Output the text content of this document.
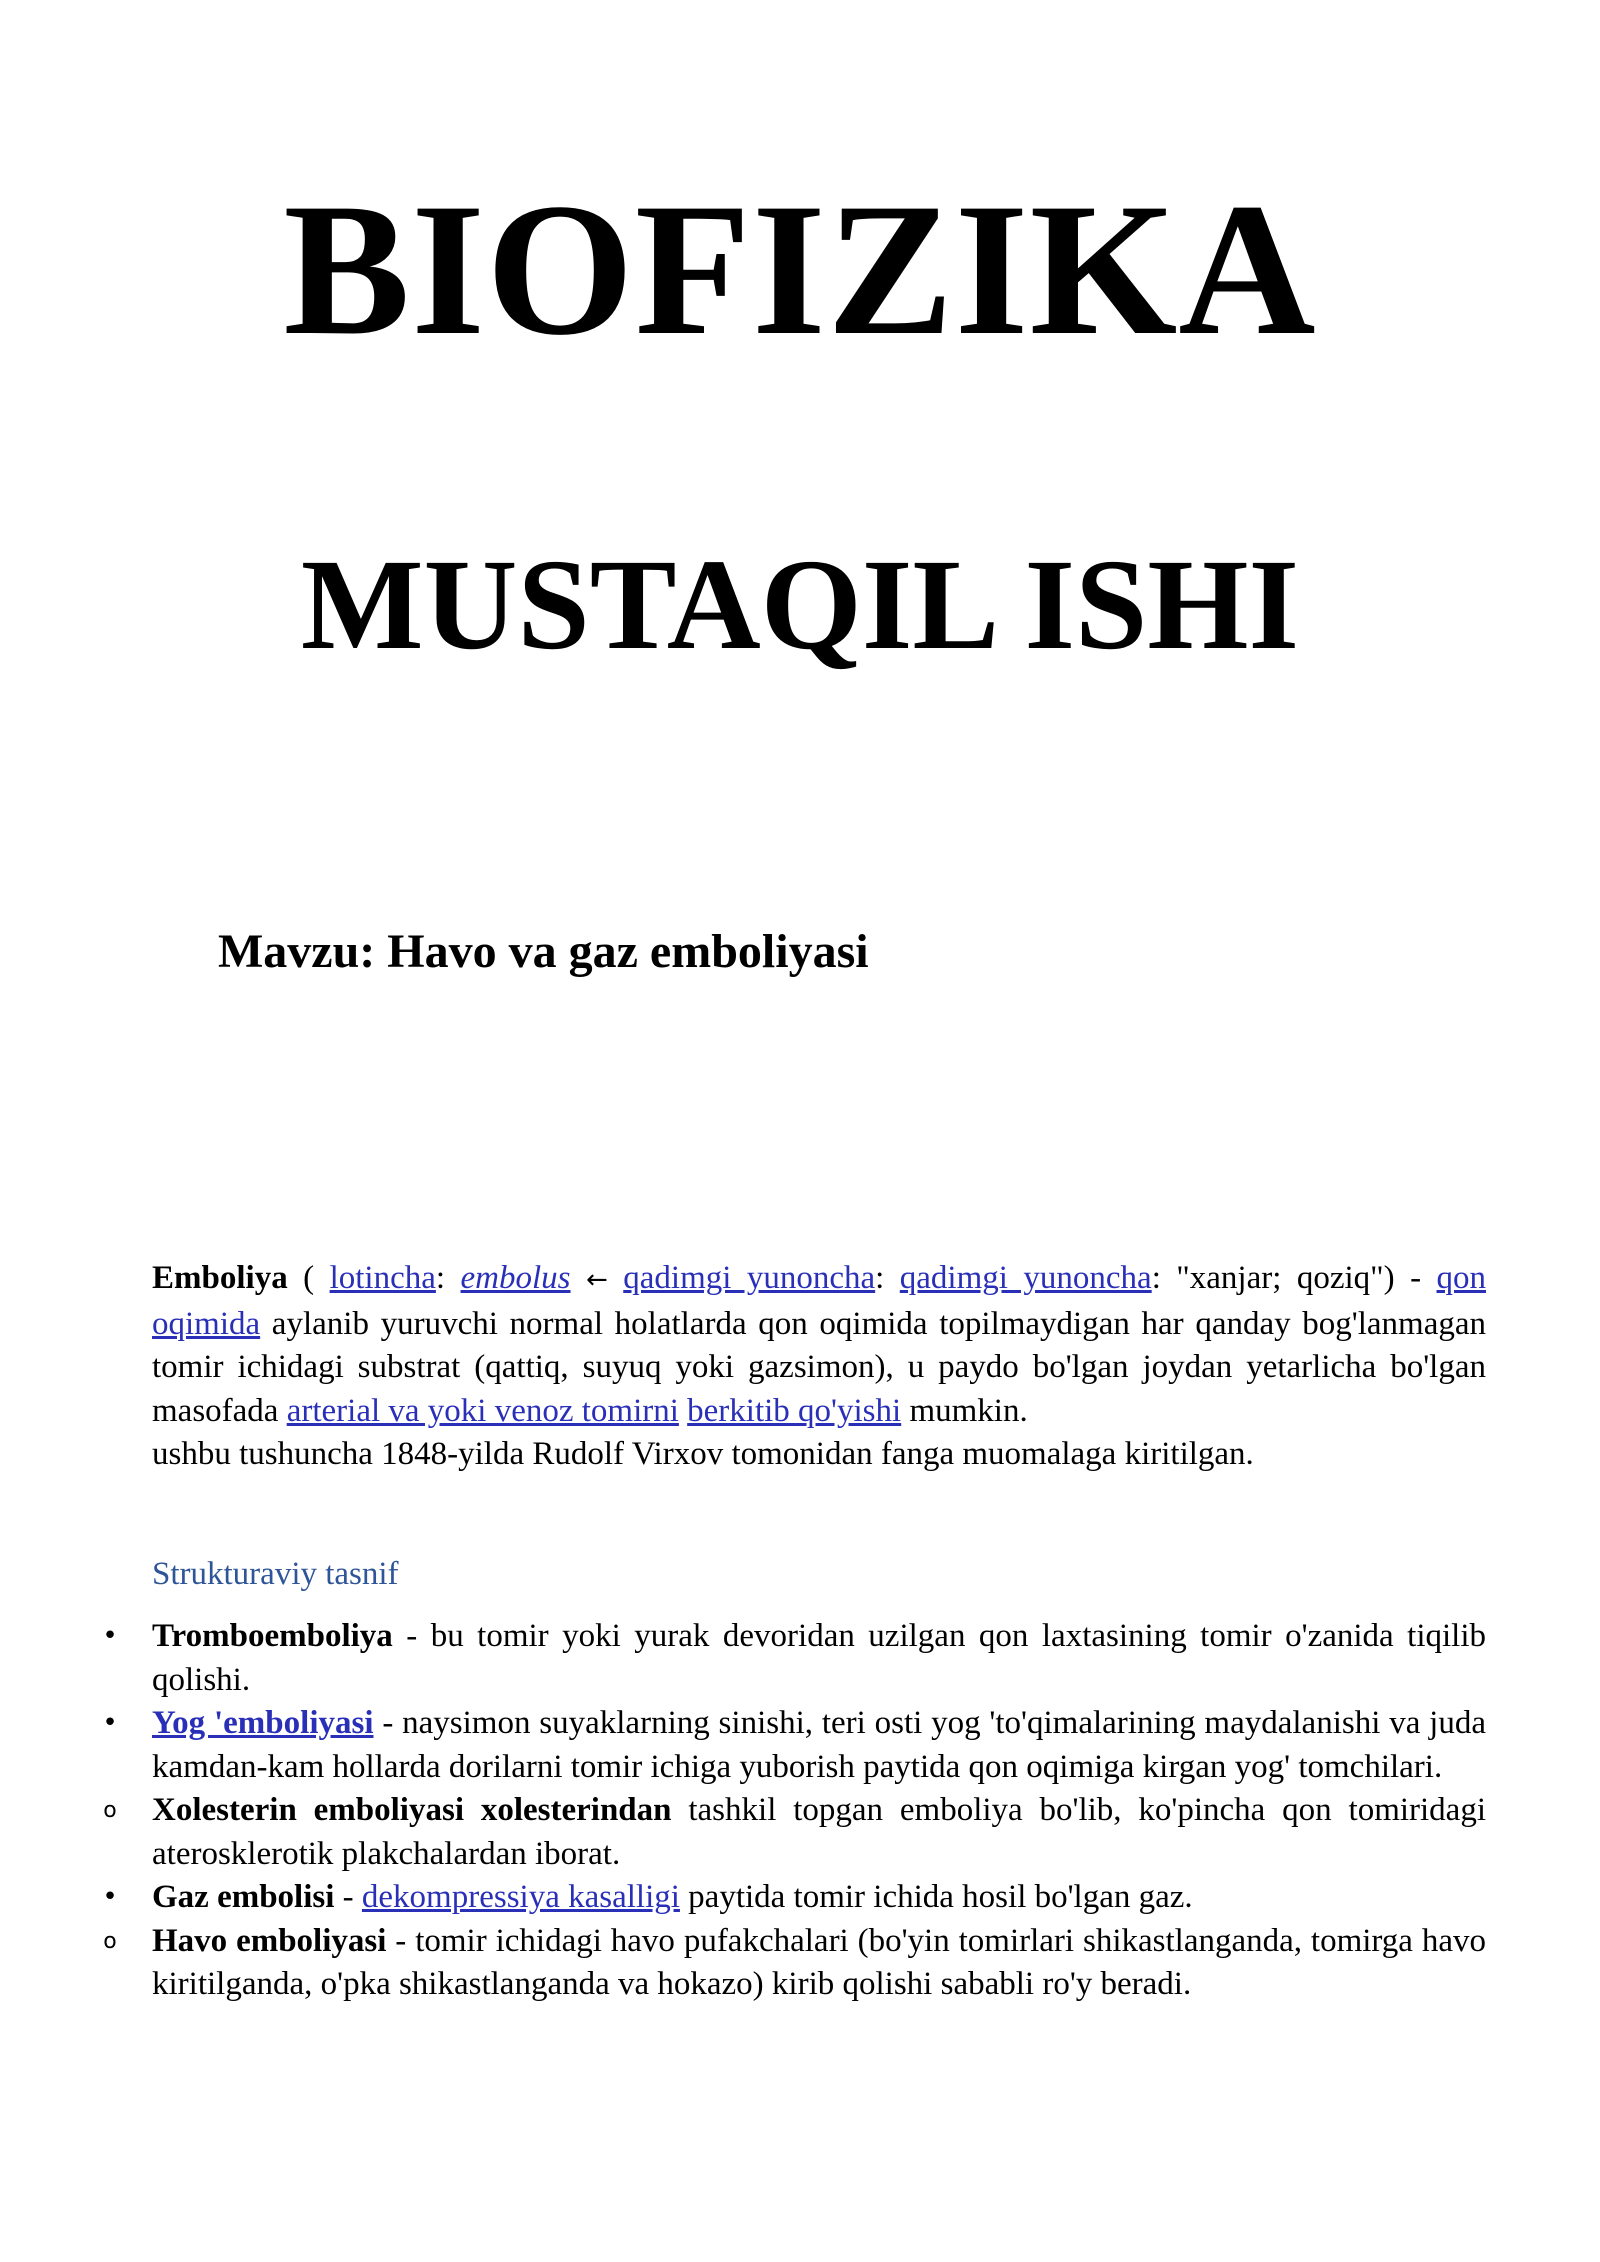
BIOFIZIKA
MUSTAQIL ISHI
Mavzu: Havo va gaz emboliyasi

Emboliya ( lotincha: embolus ← qadimgi yunoncha: qadimgi yunoncha: "xanjar; qoziq") - qon oqimida aylanib yuruvchi normal holatlarda qon oqimida topilmaydigan har qanday bog'lanmagan tomir ichidagi substrat (qattiq, suyuq yoki gazsimon), u paydo bo'lgan joydan yetarlicha bo'lgan masofada arterial va yoki venoz tomirni berkitib qo'yishi mumkin.

ushbu tushuncha 1848-yilda Rudolf Virxov tomonidan fanga muomalaga kiritilgan.

Strukturaviy tasnif
• Tromboemboliya - bu tomir yoki yurak devoridan uzilgan qon laxtasining tomir o'zanida tiqilib qolishi.
• Yog 'emboliyasi - naysimon suyaklarning sinishi, teri osti yog 'to'qimalarining maydalanishi va juda kamdan-kam hollarda dorilarni tomir ichiga yuborish paytida qon oqimiga kirgan yog' tomchilari.
o Xolesterin emboliyasi xolesterindan tashkil topgan emboliya bo'lib, ko'pincha qon tomiridagi aterosklerotik plakchalardan iborat.
• Gaz embolisi - dekompressiya kasalligi paytida tomir ichida hosil bo'lgan gaz.
o Havo emboliyasi - tomir ichidagi havo pufakchalari (bo'yin tomirlari shikastlanganda, tomirga havo kiritilganda, o'pka shikastlanganda va hokazo) kirib qolishi sababli ro'y beradi.
